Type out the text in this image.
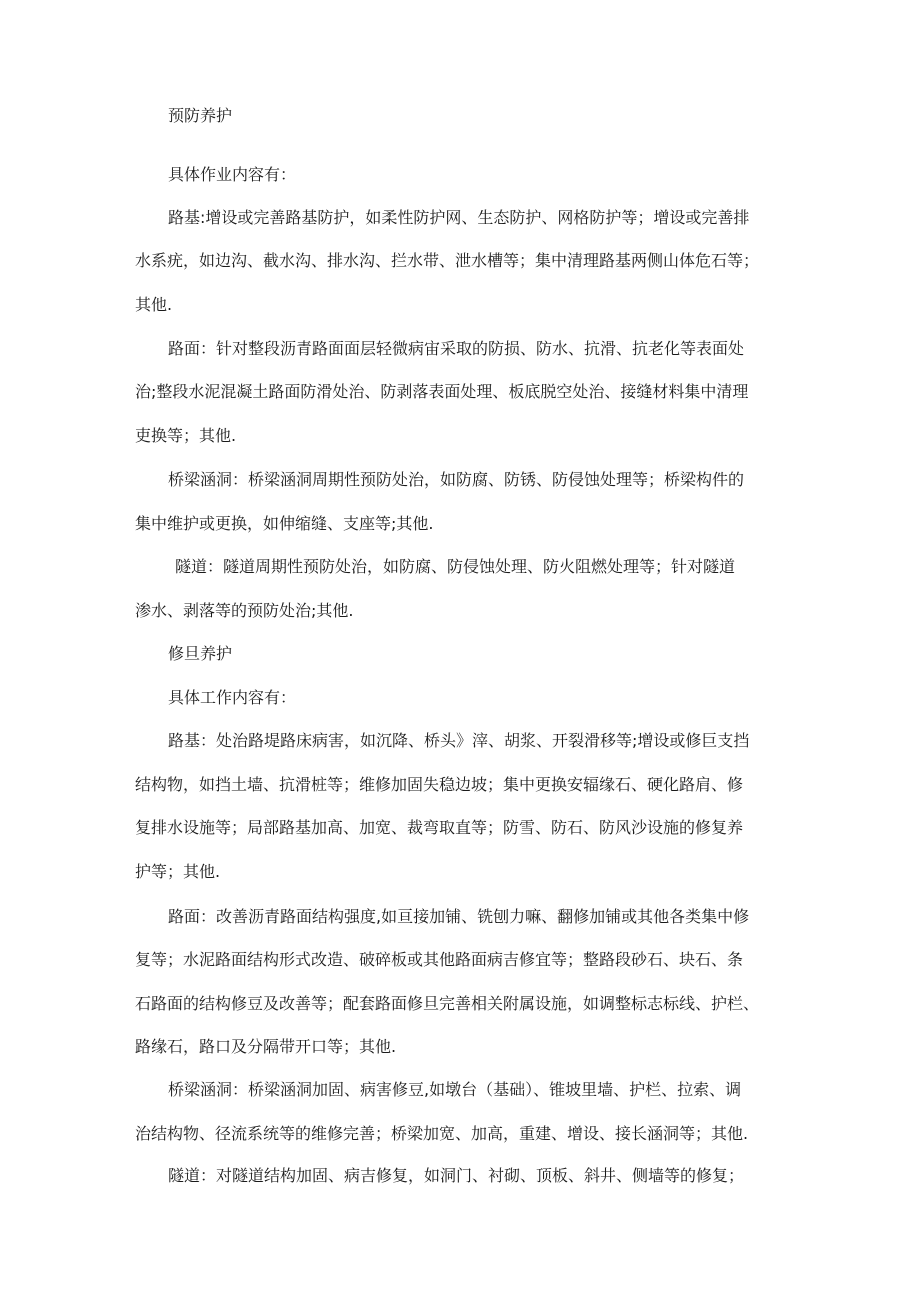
预防养护
具体作业内容有：
路基:增设或完善路基防护，如柔性防护网、生态防护、网格防护等；增设或完善排
水系疣，如边沟、截水沟、排水沟、拦水带、泄水槽等；集中清理路基两侧山体危石等；
其他.
路面：针对整段沥青路面面层轻微病宙采取的防损、防水、抗滑、抗老化等表面处
治;整段水泥混凝土路面防滑处治、防剥落表面处理、板底脱空处治、接缝材料集中清理
吏换等；其他.
桥梁涵洞：桥梁涵洞周期性预防处治，如防腐、防锈、防侵蚀处理等；桥梁构件的
集中维护或更换，如伸缩缝、支座等;其他.
隧道：隧道周期性预防处治，如防腐、防侵蚀处理、防火阻燃处理等；针对隧道
渗水、剥落等的预防处治;其他.
修旦养护
具体工作内容有：
路基：处治路堤路床病害，如沉降、桥头》滓、胡浆、开裂滑移等;增设或修巨支挡
结构物，如挡土墙、抗滑桩等；维修加固失稳边坡；集中更换安辐缘石、硬化路肩、修
复排水设施等；局部路基加高、加宽、裁弯取直等；防雪、防石、防风沙设施的修复养
护等；其他.
路面：改善沥青路面结构强度,如亘接加铺、铣刨力嘛、翻修加铺或其他各类集中修
复等；水泥路面结构形式改造、破碎板或其他路面病吉修宜等；整路段砂石、块石、条
石路面的结构修豆及改善等；配套路面修旦完善相关附属设施，如调整标志标线、护栏、
路缘石，路口及分隔带开口等；其他.
桥梁涵洞：桥梁涵洞加固、病害修豆,如墩台（基础）、锥坡里墙、护栏、拉索、调
治结构物、径流系统等的维修完善；桥梁加宽、加高，重建、增设、接长涵洞等；其他.
隧道：对隧道结构加固、病吉修复，如洞门、衬砌、顶板、斜井、侧墙等的修复；
